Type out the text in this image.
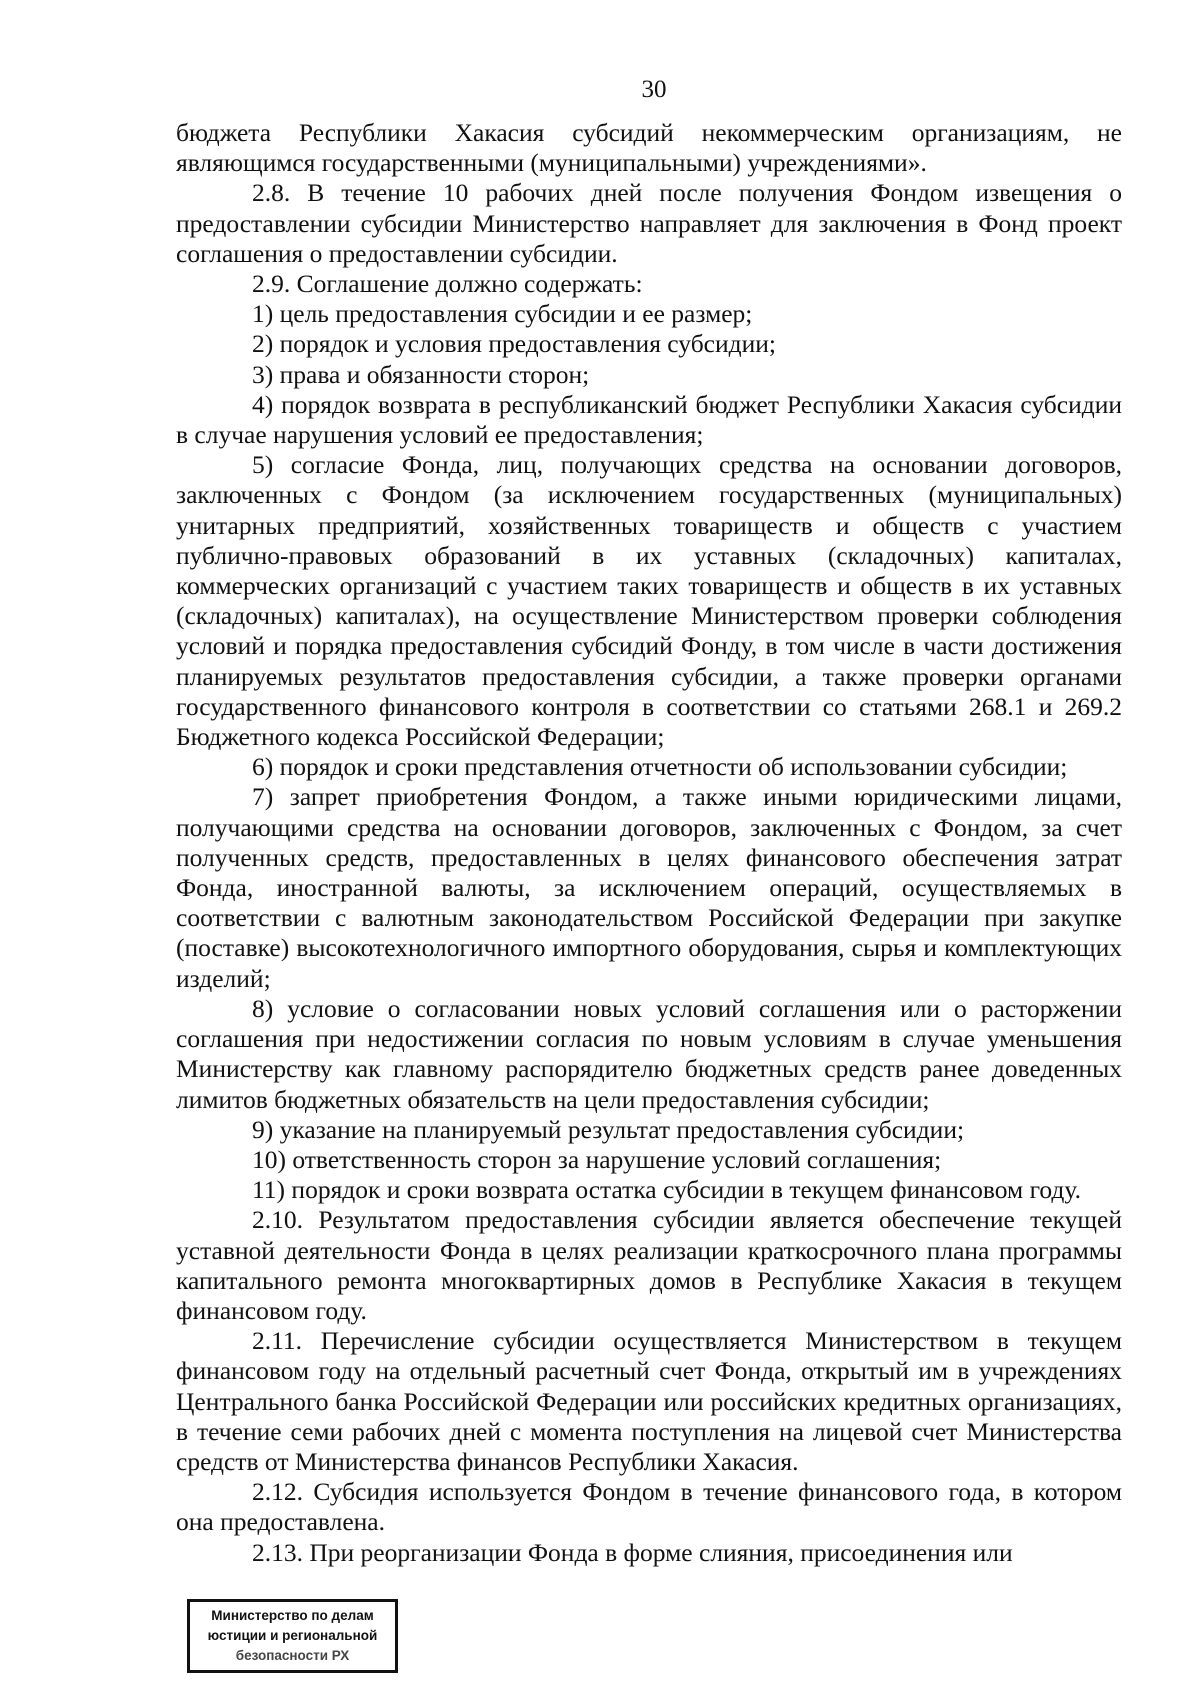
30

бюджета Республики Хакасия субсидий некоммерческим организациям, не являющимся государственными (муниципальными) учреждениями».

2.8. В течение 10 рабочих дней после получения Фондом извещения о предоставлении субсидии Министерство направляет для заключения в Фонд проект соглашения о предоставлении субсидии.

2.9. Соглашение должно содержать:

1) цель предоставления субсидии и ее размер;

2) порядок и условия предоставления субсидии;

3) права и обязанности сторон;

4) порядок возврата в республиканский бюджет Республики Хакасия субсидии в случае нарушения условий ее предоставления;

5) согласие Фонда, лиц, получающих средства на основании договоров, заключенных с Фондом (за исключением государственных (муниципальных) унитарных предприятий, хозяйственных товариществ и обществ с участием публично-правовых образований в их уставных (складочных) капиталах, коммерческих организаций с участием таких товариществ и обществ в их уставных (складочных) капиталах), на осуществление Министерством проверки соблюдения условий и порядка предоставления субсидий Фонду, в том числе в части достижения планируемых результатов предоставления субсидии, а также проверки органами государственного финансового контроля в соответствии со статьями 268.1 и 269.2 Бюджетного кодекса Российской Федерации;

6) порядок и сроки представления отчетности об использовании субсидии;

7) запрет приобретения Фондом, а также иными юридическими лицами, получающими средства на основании договоров, заключенных с Фондом, за счет полученных средств, предоставленных в целях финансового обеспечения затрат Фонда, иностранной валюты, за исключением операций, осуществляемых в соответствии с валютным законодательством Российской Федерации при закупке (поставке) высокотехнологичного импортного оборудования, сырья и комплектующих изделий;

8) условие о согласовании новых условий соглашения или о расторжении соглашения при недостижении согласия по новым условиям в случае уменьшения Министерству как главному распорядителю бюджетных средств ранее доведенных лимитов бюджетных обязательств на цели предоставления субсидии;

9) указание на планируемый результат предоставления субсидии;

10) ответственность сторон за нарушение условий соглашения;

11) порядок и сроки возврата остатка субсидии в текущем финансовом году.

2.10. Результатом предоставления субсидии является обеспечение текущей уставной деятельности Фонда в целях реализации краткосрочного плана программы капитального ремонта многоквартирных домов в Республике Хакасия в текущем финансовом году.

2.11. Перечисление субсидии осуществляется Министерством в текущем финансовом году на отдельный расчетный счет Фонда, открытый им в учреждениях Центрального банка Российской Федерации или российских кредитных организациях, в течение семи рабочих дней с момента поступления на лицевой счет Министерства средств от Министерства финансов Республики Хакасия.

2.12. Субсидия используется Фондом в течение финансового года, в котором она предоставлена.

2.13. При реорганизации Фонда в форме слияния, присоединения или

Министерство по делам
юстиции и региональной
безопасности РХ
